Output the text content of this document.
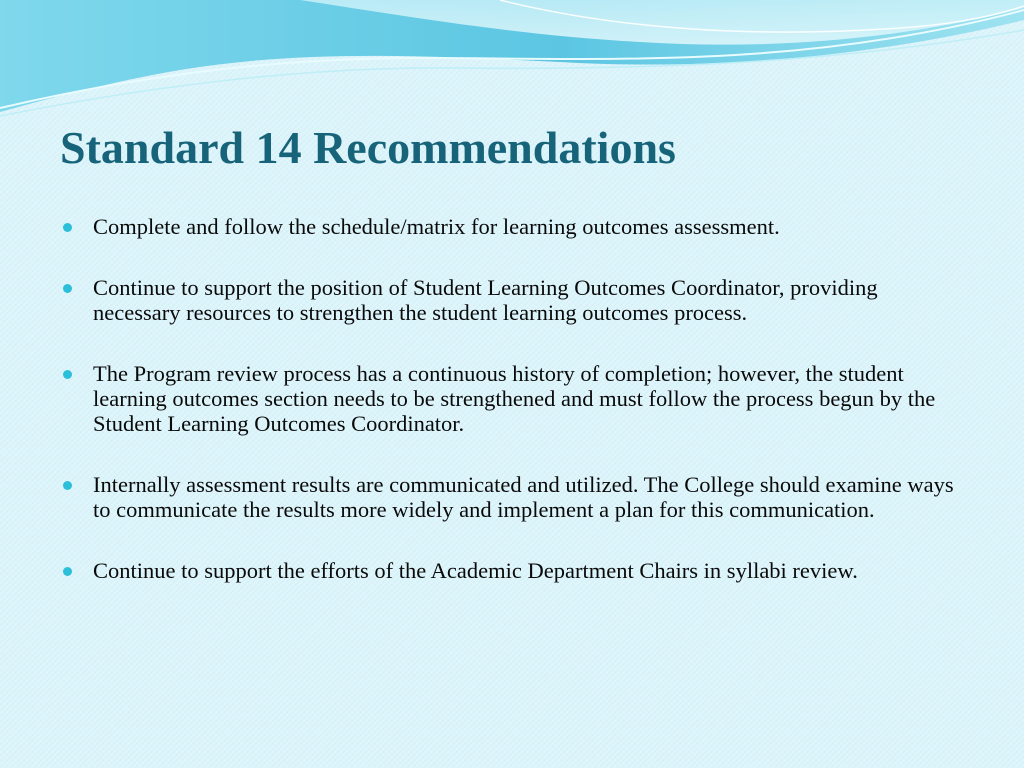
Standard 14 Recommendations
Complete and follow the schedule/matrix for learning outcomes assessment.
Continue to support the position of Student Learning Outcomes Coordinator, providing necessary resources to strengthen the student learning outcomes process.
The Program review process has a continuous history of completion; however, the student learning outcomes section needs to be strengthened and must follow the process begun by the Student Learning Outcomes Coordinator.
Internally assessment results are communicated and utilized. The College should examine ways to communicate the results more widely and implement a plan for this communication.
Continue to support the efforts of the Academic Department Chairs in syllabi review.
